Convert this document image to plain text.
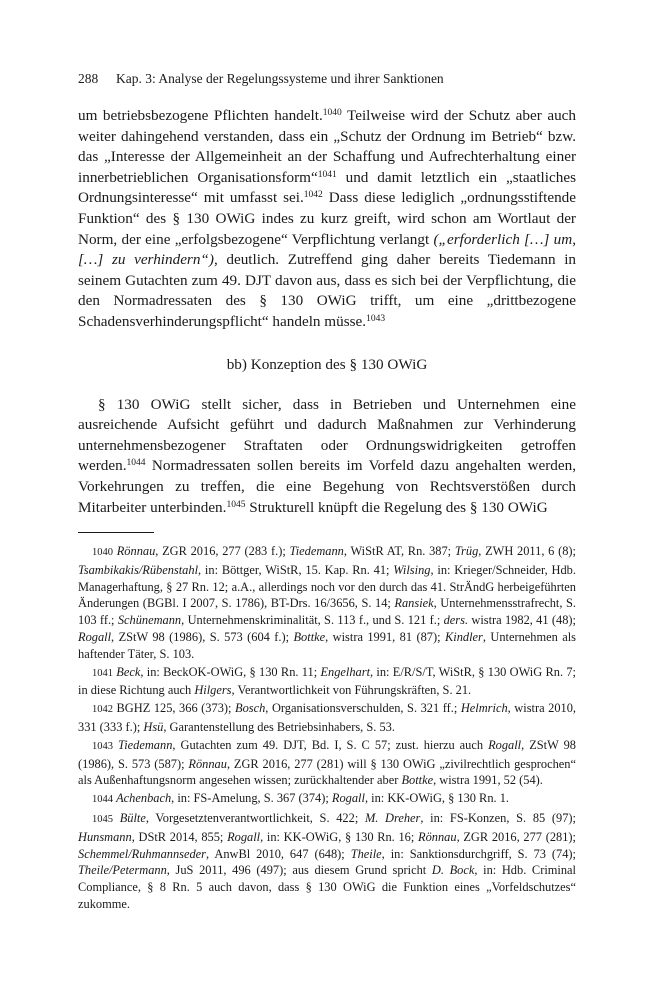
288	Kap. 3: Analyse der Regelungssysteme und ihrer Sanktionen

um betriebsbezogene Pflichten handelt.$^{1040}$ Teilweise wird der Schutz aber auch weiter dahingehend verstanden, dass ein „Schutz der Ordnung im Betrieb“ bzw. das „Interesse der Allgemeinheit an der Schaffung und Aufrechterhaltung einer innerbetrieblichen Organisationsform“$^{1041}$ und damit letztlich ein „staatliches Ordnungsinteresse“ mit umfasst sei.$^{1042}$ Dass diese lediglich „ordnungsstiftende Funktion“ des § 130 OWiG indes zu kurz greift, wird schon am Wortlaut der Norm, der eine „erfolgsbezogene“ Verpflichtung verlangt („erforderlich […] um, […] zu verhindern“), deutlich. Zutreffend ging daher bereits Tiedemann in seinem Gutachten zum 49. DJT davon aus, dass es sich bei der Verpflichtung, die den Normadressaten des § 130 OWiG trifft, um eine „drittbezogene Schadensverhinderungspflicht“ handeln müsse.$^{1043}$

bb) Konzeption des § 130 OWiG

§ 130 OWiG stellt sicher, dass in Betrieben und Unternehmen eine ausreichende Aufsicht geführt und dadurch Maßnahmen zur Verhinderung unternehmensbezogener Straftaten oder Ordnungswidrigkeiten getroffen werden.$^{1044}$ Normadressaten sollen bereits im Vorfeld dazu angehalten werden, Vorkehrungen zu treffen, die eine Begehung von Rechtsverstößen durch Mitarbeiter unterbinden.$^{1045}$ Strukturell knüpft die Regelung des § 130 OWiG

1040 Rönnau, ZGR 2016, 277 (283 f.); Tiedemann, WiStR AT, Rn. 387; Trüg, ZWH 2011, 6 (8); Tsambikakis/Rübenstahl, in: Böttger, WiStR, 15. Kap. Rn. 41; Wilsing, in: Krieger/Schneider, Hdb. Managerhaftung, § 27 Rn. 12; a.A., allerdings noch vor den durch das 41. StrÄndG herbeigeführten Änderungen (BGBl. I 2007, S. 1786), BT-Drs. 16/3656, S. 14; Ransiek, Unternehmensstrafrecht, S. 103 ff.; Schünemann, Unternehmenskriminalität, S. 113 f., und S. 121 f.; ders. wistra 1982, 41 (48); Rogall, ZStW 98 (1986), S. 573 (604 f.); Bottke, wistra 1991, 81 (87); Kindler, Unternehmen als haftender Täter, S. 103.

1041 Beck, in: BeckOK-OWiG, § 130 Rn. 11; Engelhart, in: E/R/S/T, WiStR, § 130 OWiG Rn. 7; in diese Richtung auch Hilgers, Verantwortlichkeit von Führungskräften, S. 21.

1042 BGHZ 125, 366 (373); Bosch, Organisationsverschulden, S. 321 ff.; Helmrich, wistra 2010, 331 (333 f.); Hsü, Garantenstellung des Betriebsinhabers, S. 53.

1043 Tiedemann, Gutachten zum 49. DJT, Bd. I, S. C 57; zust. hierzu auch Rogall, ZStW 98 (1986), S. 573 (587); Rönnau, ZGR 2016, 277 (281) will § 130 OWiG „zivilrechtlich gesprochen“ als Außenhaftungsnorm angesehen wissen; zurückhaltender aber Bottke, wistra 1991, 52 (54).

1044 Achenbach, in: FS-Amelung, S. 367 (374); Rogall, in: KK-OWiG, § 130 Rn. 1.

1045 Bülte, Vorgesetztenverantwortlichkeit, S. 422; M. Dreher, in: FS-Konzen, S. 85 (97); Hunsmann, DStR 2014, 855; Rogall, in: KK-OWiG, § 130 Rn. 16; Rönnau, ZGR 2016, 277 (281); Schemmel/Ruhmannseder, AnwBl 2010, 647 (648); Theile, in: Sanktionsdurchgriff, S. 73 (74); Theile/Petermann, JuS 2011, 496 (497); aus diesem Grund spricht D. Bock, in: Hdb. Criminal Compliance, § 8 Rn. 5 auch davon, dass § 130 OWiG die Funktion eines „Vorfeldschutzes“ zukomme.
